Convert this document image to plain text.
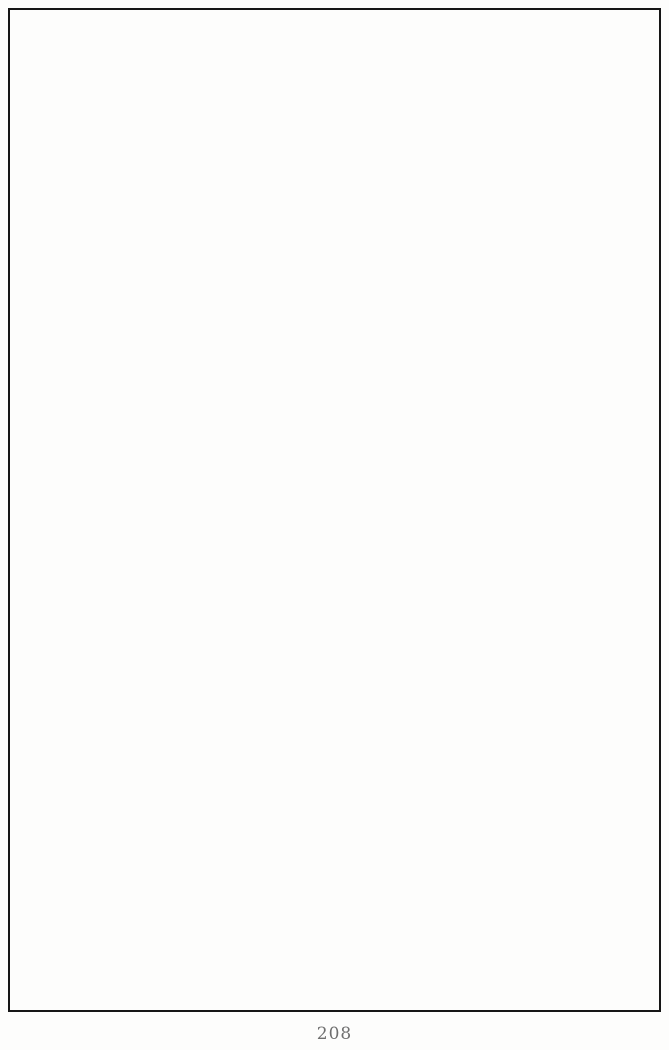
208
